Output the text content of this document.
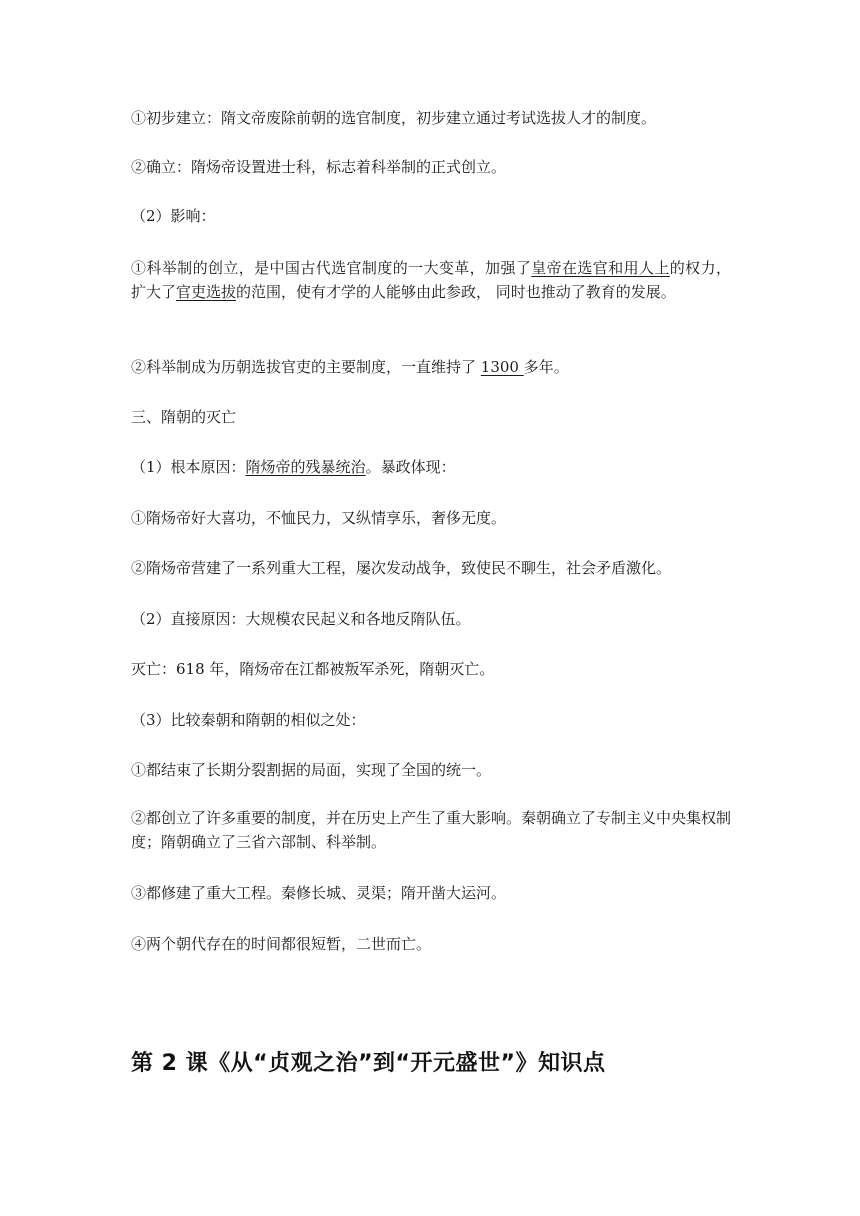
①初步建立：隋文帝废除前朝的选官制度，初步建立通过考试选拔人才的制度。
②确立：隋炀帝设置进士科，标志着科举制的正式创立。
（2）影响：
①科举制的创立，是中国古代选官制度的一大变革，加强了皇帝在选官和用人上的权力， 扩大了官吏选拔的范围，使有才学的人能够由此参政， 同时也推动了教育的发展。
②科举制成为历朝选拔官吏的主要制度，一直维持了 1300 多年。
三、隋朝的灭亡
（1）根本原因：隋炀帝的残暴统治。暴政体现：
①隋炀帝好大喜功，不恤民力，又纵情享乐，奢侈无度。
②隋炀帝营建了一系列重大工程，屡次发动战争，致使民不聊生，社会矛盾激化。
（2）直接原因：大规模农民起义和各地反隋队伍。
灭亡：618 年，隋炀帝在江都被叛军杀死，隋朝灭亡。
（3）比较秦朝和隋朝的相似之处：
①都结束了长期分裂割据的局面，实现了全国的统一。
②都创立了许多重要的制度，并在历史上产生了重大影响。秦朝确立了专制主义中央集权制度；隋朝确立了三省六部制、科举制。
③都修建了重大工程。秦修长城、灵渠；隋开凿大运河。
④两个朝代存在的时间都很短暂，二世而亡。
第 2 课《从“贞观之治”到“开元盛世”》知识点
